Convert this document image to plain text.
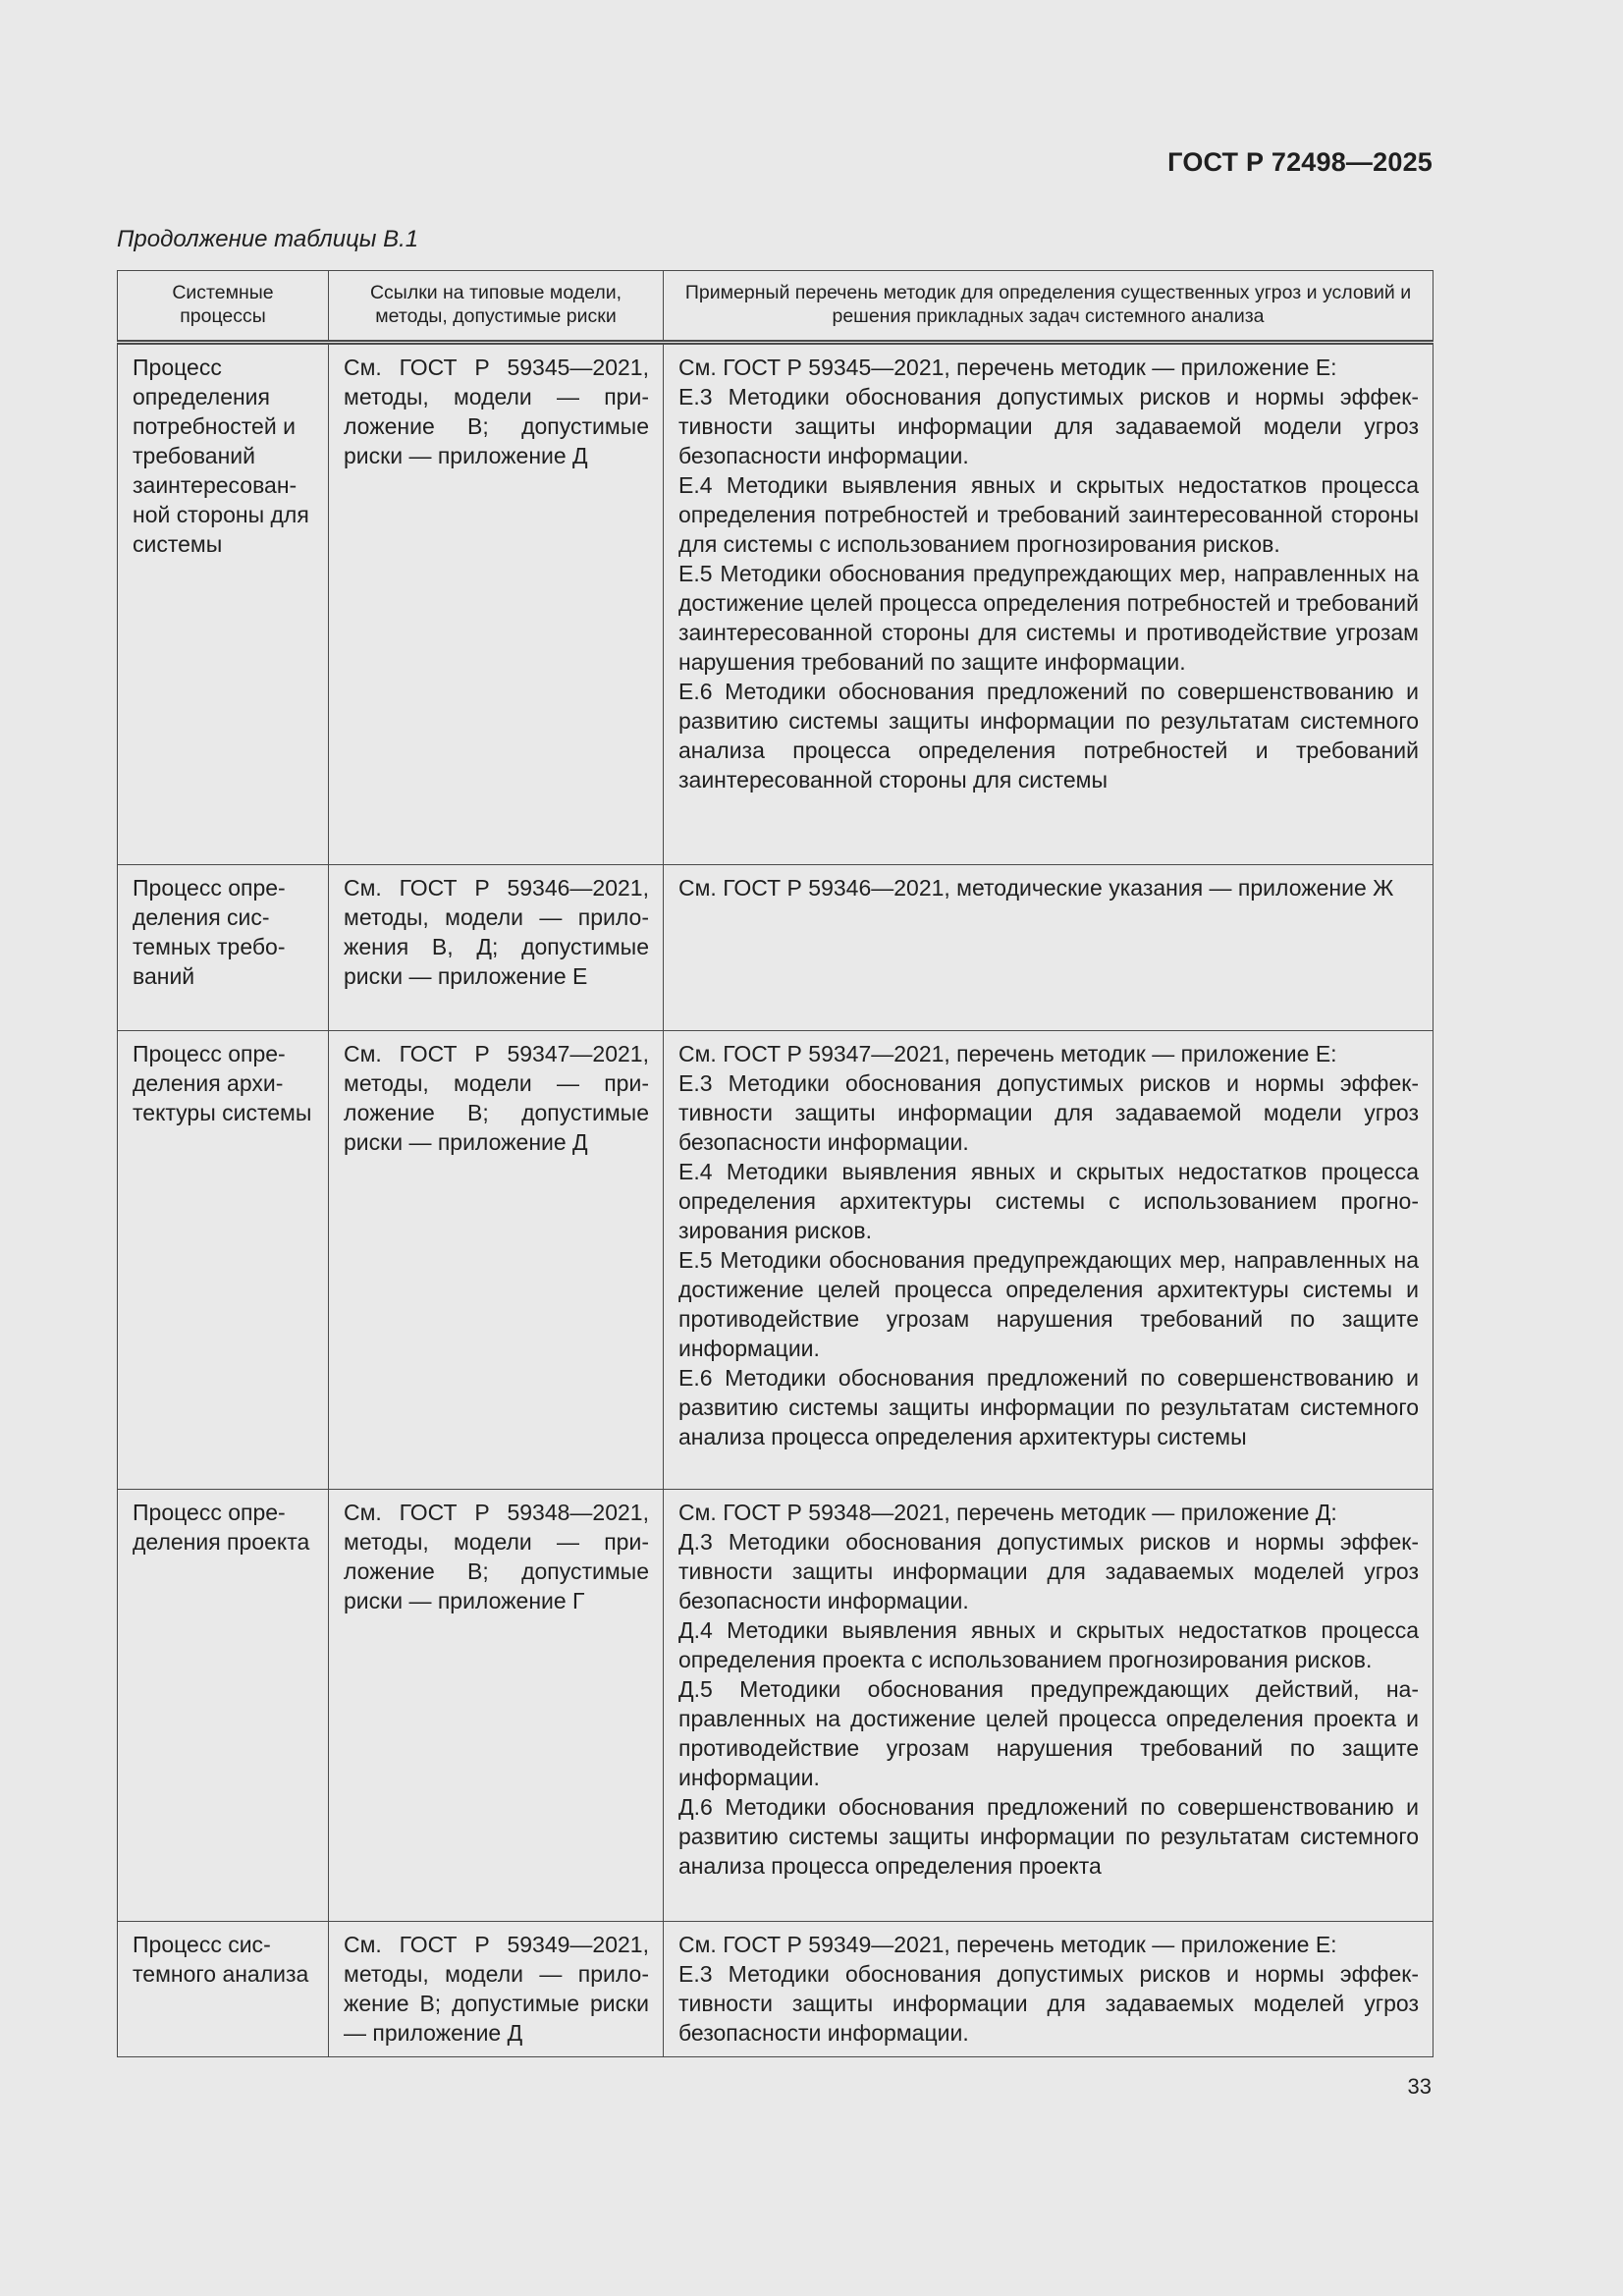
ГОСТ Р 72498—2025
Продолжение таблицы В.1
Системные процессы	Ссылки на типовые модели, методы, допустимые риски	Примерный перечень методик для определения существенных угроз и условий и решения прикладных задач системного анализа
Процесс определения потребностей и требований заинтересованной стороны для системы	См. ГОСТ Р 59345—2021, методы, модели — приложение В; допустимые риски — приложение Д	См. ГОСТ Р 59345—2021, перечень методик — приложение Е:
Е.3 Методики обоснования допустимых рисков и нормы эффективности защиты информации для задаваемой модели угроз безопасности информации.
Е.4 Методики выявления явных и скрытых недостатков процесса определения потребностей и требований заинтересованной стороны для системы с использованием прогнозирования рисков.
Е.5 Методики обоснования предупреждающих мер, направленных на достижение целей процесса определения потребностей и требований заинтересованной стороны для системы и противодействие угрозам нарушения требований по защите информации.
Е.6 Методики обоснования предложений по совершенствованию и развитию системы защиты информации по результатам системного анализа процесса определения потребностей и требований заинтересованной стороны для системы

Процесс определения системных требований	См. ГОСТ Р 59346—2021, методы, модели — приложения В, Д; допустимые риски — приложение Е	См. ГОСТ Р 59346—2021, методические указания — приложение Ж

Процесс определения архитектуры системы	См. ГОСТ Р 59347—2021, методы, модели — приложение В; допустимые риски — приложение Д	См. ГОСТ Р 59347—2021, перечень методик — приложение Е:
Е.3 Методики обоснования допустимых рисков и нормы эффективности защиты информации для задаваемой модели угроз безопасности информации.
Е.4 Методики выявления явных и скрытых недостатков процесса определения архитектуры системы с использованием прогнозирования рисков.
Е.5 Методики обоснования предупреждающих мер, направленных на достижение целей процесса определения архитектуры системы и противодействие угрозам нарушения требований по защите информации.
Е.6 Методики обоснования предложений по совершенствованию и развитию системы защиты информации по результатам системного анализа процесса определения архитектуры системы

Процесс определения проекта	См. ГОСТ Р 59348—2021, методы, модели — приложение В; допустимые риски — приложение Г	См. ГОСТ Р 59348—2021, перечень методик — приложение Д:
Д.3 Методики обоснования допустимых рисков и нормы эффективности защиты информации для задаваемых моделей угроз безопасности информации.
Д.4 Методики выявления явных и скрытых недостатков процесса определения проекта с использованием прогнозирования рисков.
Д.5 Методики обоснования предупреждающих действий, направленных на достижение целей процесса определения проекта и противодействие угрозам нарушения требований по защите информации.
Д.6 Методики обоснования предложений по совершенствованию и развитию системы защиты информации по результатам системного анализа процесса определения проекта

Процесс системного анализа	См. ГОСТ Р 59349—2021, методы, модели — приложение В; допустимые риски — приложение Д	См. ГОСТ Р 59349—2021, перечень методик — приложение Е:
Е.3 Методики обоснования допустимых рисков и нормы эффективности защиты информации для задаваемых моделей угроз безопасности информации.
33
